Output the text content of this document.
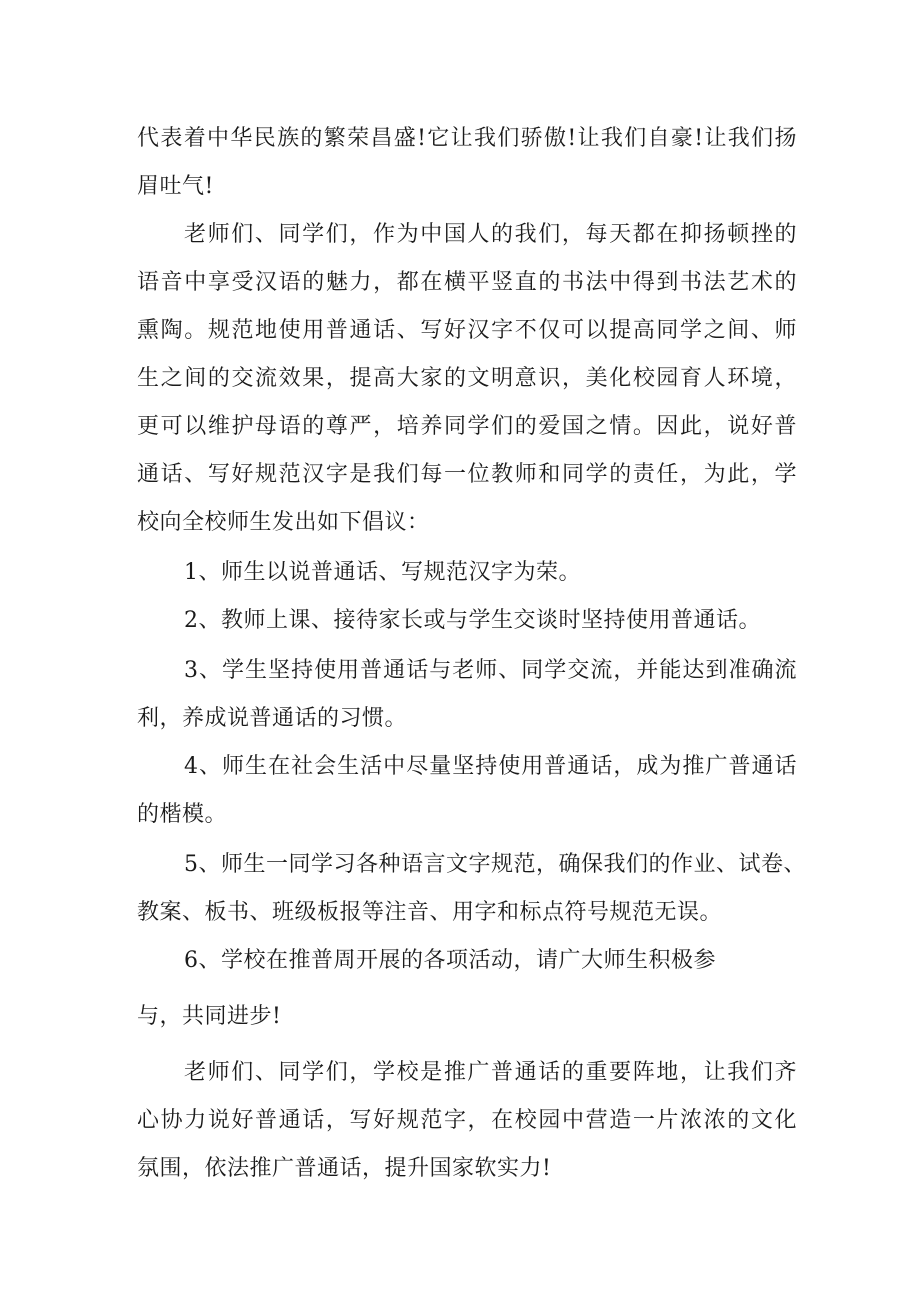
代表着中华民族的繁荣昌盛!它让我们骄傲!让我们自豪!让我们扬
眉吐气!
老师们、同学们，作为中国人的我们，每天都在抑扬顿挫的
语音中享受汉语的魅力，都在横平竖直的书法中得到书法艺术的
熏陶。规范地使用普通话、写好汉字不仅可以提高同学之间、师
生之间的交流效果，提高大家的文明意识，美化校园育人环境，
更可以维护母语的尊严，培养同学们的爱国之情。因此，说好普
通话、写好规范汉字是我们每一位教师和同学的责任，为此，学
校向全校师生发出如下倡议：
1、师生以说普通话、写规范汉字为荣。
2、教师上课、接待家长或与学生交谈时坚持使用普通话。
3、学生坚持使用普通话与老师、同学交流，并能达到准确流
利，养成说普通话的习惯。
4、师生在社会生活中尽量坚持使用普通话，成为推广普通话
的楷模。
5、师生一同学习各种语言文字规范，确保我们的作业、试卷、
教案、板书、班级板报等注音、用字和标点符号规范无误。
6、学校在推普周开展的各项活动，请广大师生积极参
与，共同进步!
老师们、同学们，学校是推广普通话的重要阵地，让我们齐
心协力说好普通话，写好规范字，在校园中营造一片浓浓的文化
氛围，依法推广普通话，提升国家软实力!
